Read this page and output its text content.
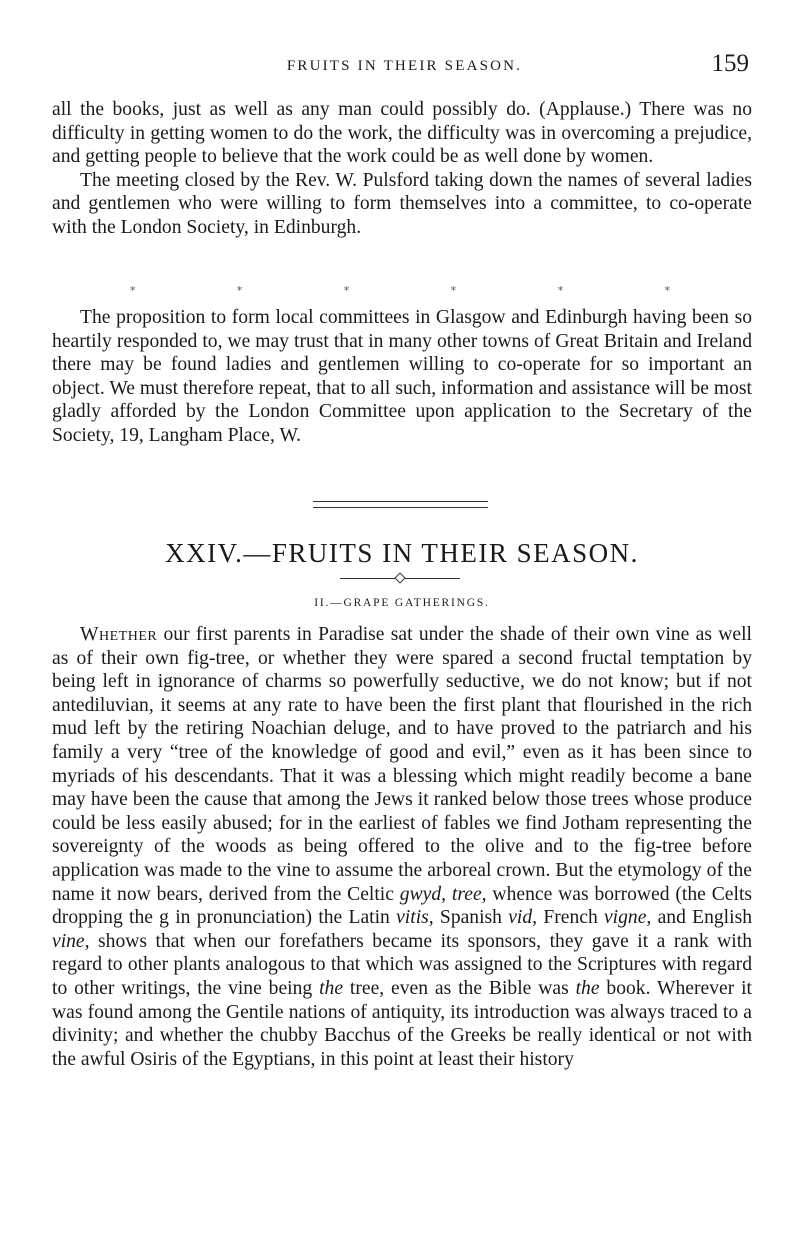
FRUITS IN THEIR SEASON.	159

all the books, just as well as any man could possibly do. (Applause.) There was no difficulty in getting women to do the work, the difficulty was in overcoming a prejudice, and getting people to believe that the work could be as well done by women.

The meeting closed by the Rev. W. Pulsford taking down the names of several ladies and gentlemen who were willing to form themselves into a committee, to co-operate with the London Society, in Edinburgh.

*	*	*	*	*	*

The proposition to form local committees in Glasgow and Edinburgh having been so heartily responded to, we may trust that in many other towns of Great Britain and Ireland there may be found ladies and gentlemen willing to co-operate for so important an object. We must therefore repeat, that to all such, information and assistance will be most gladly afforded by the London Committee upon application to the Secretary of the Society, 19, Langham Place, W.

XXIV.—FRUITS IN THEIR SEASON.
II.—GRAPE GATHERINGS.

Whether our first parents in Paradise sat under the shade of their own vine as well as of their own fig-tree, or whether they were spared a second fructal temptation by being left in ignorance of charms so powerfully seductive, we do not know; but if not antediluvian, it seems at any rate to have been the first plant that flourished in the rich mud left by the retiring Noachian deluge, and to have proved to the patriarch and his family a very “tree of the knowledge of good and evil,” even as it has been since to myriads of his descendants. That it was a blessing which might readily become a bane may have been the cause that among the Jews it ranked below those trees whose produce could be less easily abused; for in the earliest of fables we find Jotham representing the sovereignty of the woods as being offered to the olive and to the fig-tree before application was made to the vine to assume the arboreal crown. But the etymology of the name it now bears, derived from the Celtic gwyd, tree, whence was borrowed (the Celts dropping the g in pronunciation) the Latin vitis, Spanish vid, French vigne, and English vine, shows that when our forefathers became its sponsors, they gave it a rank with regard to other plants analogous to that which was assigned to the Scriptures with regard to other writings, the vine being the tree, even as the Bible was the book. Wherever it was found among the Gentile nations of antiquity, its introduction was always traced to a divinity; and whether the chubby Bacchus of the Greeks be really identical or not with the awful Osiris of the Egyptians, in this point at least their history
